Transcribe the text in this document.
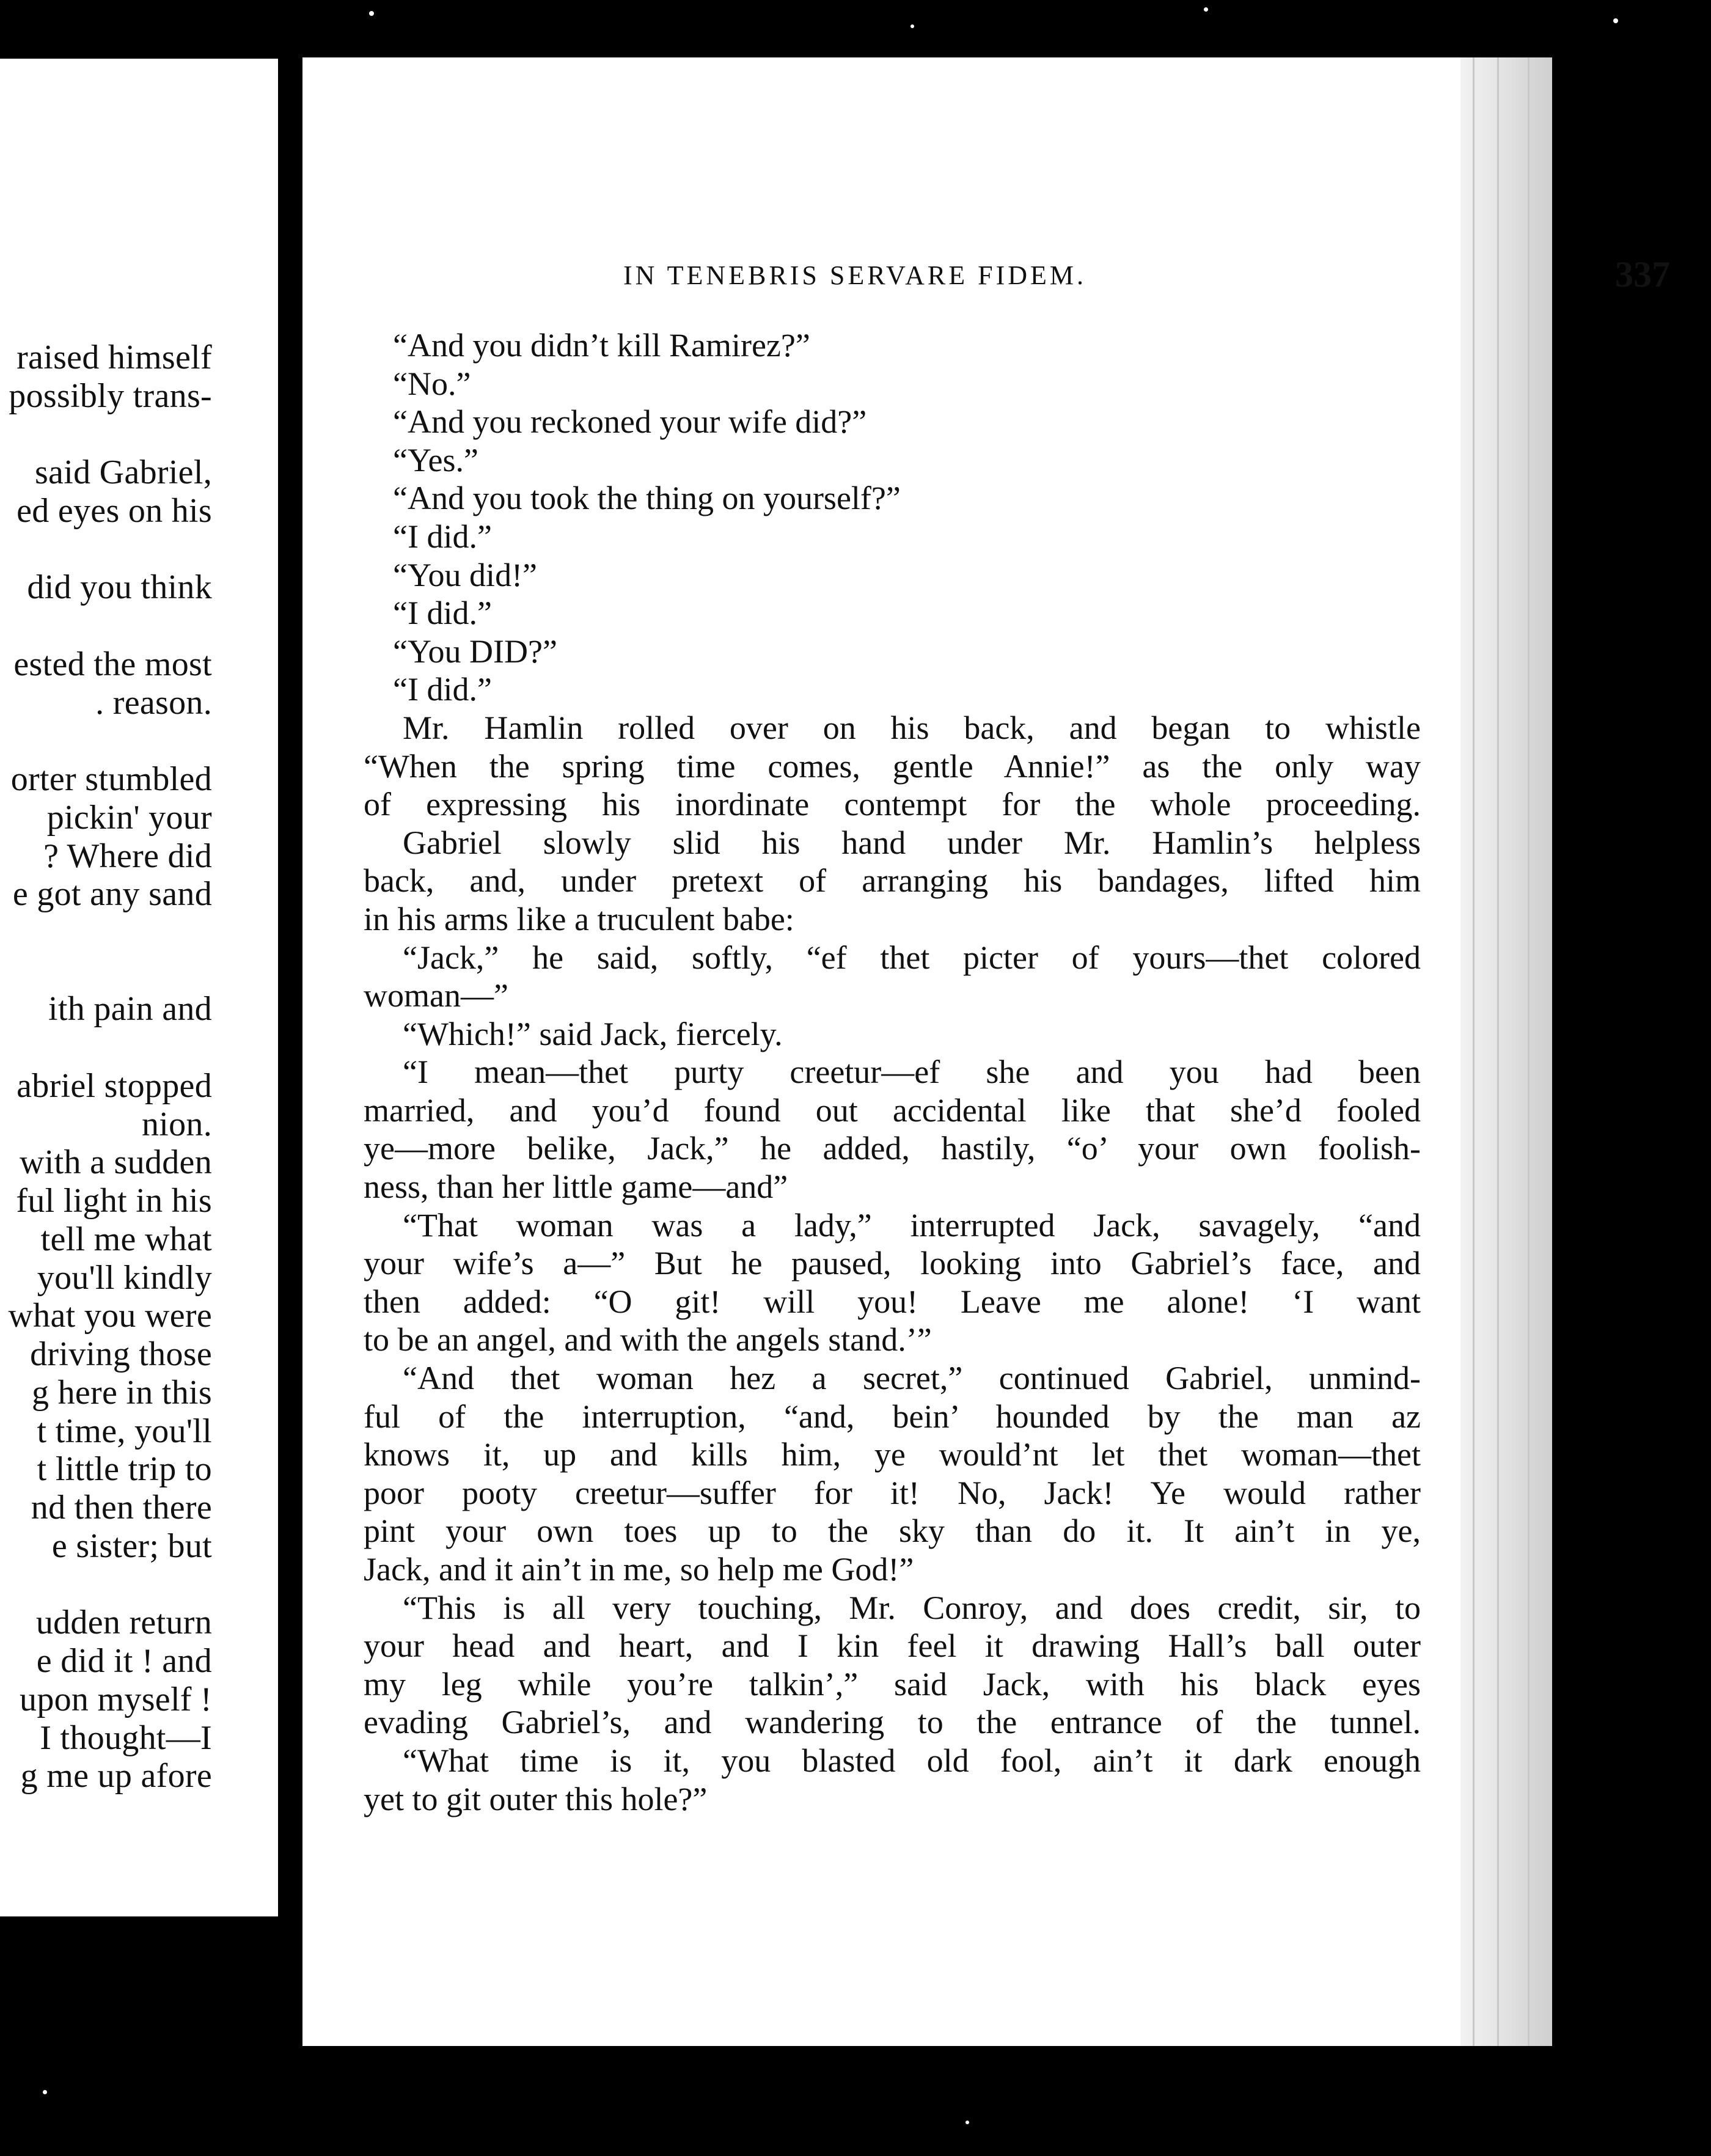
raised himself
possibly trans-
said Gabriel,
ed eyes on his
did you think
ested the most
. reason.
orter stumbled
pickin' your
? Where did
e got any sand
ith pain and
abriel stopped
nion.
with a sudden
ful light in his
tell me what
you'll kindly
what you were
driving those
g here in this
t time, you'll
t little trip to
nd then there
e sister; but
udden return
e did it ! and
upon myself !
I thought—I
g me up afore
IN TENEBRIS SERVARE FIDEM.	337
“And you didn’t kill Ramirez?”
“No.”
“And you reckoned your wife did?”
“Yes.”
“And you took the thing on yourself?”
“I did.”
“You did!”
“I did.”
“You DID?”
“I did.”
Mr. Hamlin rolled over on his back, and began to whistle
“When the spring time comes, gentle Annie!” as the only way
of expressing his inordinate contempt for the whole proceeding.
Gabriel slowly slid his hand under Mr. Hamlin’s helpless
back, and, under pretext of arranging his bandages, lifted him
in his arms like a truculent babe:
“Jack,” he said, softly, “ef thet picter of yours—thet colored
woman—”
“Which!” said Jack, fiercely.
“I mean—thet purty creetur—ef she and you had been
married, and you’d found out accidental like that she’d fooled
ye—more belike, Jack,” he added, hastily, “o’ your own foolish-
ness, than her little game—and”
“That woman was a lady,” interrupted Jack, savagely, “and
your wife’s a—” But he paused, looking into Gabriel’s face, and
then added: “O git! will you! Leave me alone! ‘I want
to be an angel, and with the angels stand.’”
“And thet woman hez a secret,” continued Gabriel, unmind-
ful of the interruption, “and, bein’ hounded by the man az
knows it, up and kills him, ye would’nt let thet woman—thet
poor pooty creetur—suffer for it! No, Jack! Ye would rather
pint your own toes up to the sky than do it. It ain’t in ye,
Jack, and it ain’t in me, so help me God!”
“This is all very touching, Mr. Conroy, and does credit, sir, to
your head and heart, and I kin feel it drawing Hall’s ball outer
my leg while you’re talkin’,” said Jack, with his black eyes
evading Gabriel’s, and wandering to the entrance of the tunnel.
“What time is it, you blasted old fool, ain’t it dark enough
yet to git outer this hole?”
